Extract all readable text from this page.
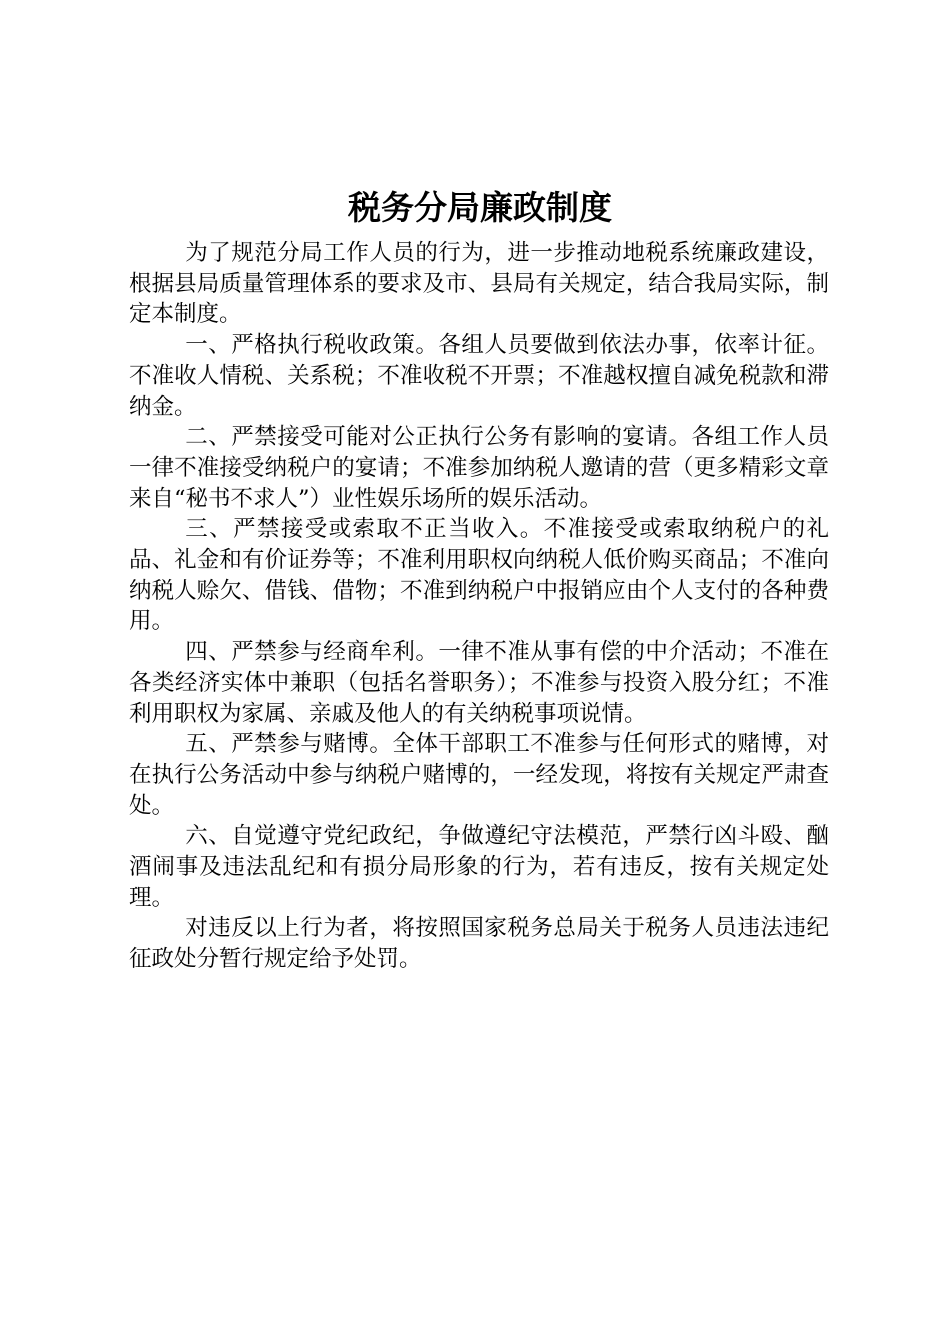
税务分局廉政制度

为了规范分局工作人员的行为，进一步推动地税系统廉政建设，根据县局质量管理体系的要求及市、县局有关规定，结合我局实际，制定本制度。

一、严格执行税收政策。各组人员要做到依法办事，依率计征。不准收人情税、关系税；不准收税不开票；不准越权擅自减免税款和滞纳金。

二、严禁接受可能对公正执行公务有影响的宴请。各组工作人员一律不准接受纳税户的宴请；不准参加纳税人邀请的营（更多精彩文章来自“秘书不求人”）业性娱乐场所的娱乐活动。

三、严禁接受或索取不正当收入。不准接受或索取纳税户的礼品、礼金和有价证券等；不准利用职权向纳税人低价购买商品；不准向纳税人赊欠、借钱、借物；不准到纳税户中报销应由个人支付的各种费用。

四、严禁参与经商牟利。一律不准从事有偿的中介活动；不准在各类经济实体中兼职（包括名誉职务）；不准参与投资入股分红；不准利用职权为家属、亲戚及他人的有关纳税事项说情。

五、严禁参与赌博。全体干部职工不准参与任何形式的赌博，对在执行公务活动中参与纳税户赌博的，一经发现，将按有关规定严肃查处。

六、自觉遵守党纪政纪，争做遵纪守法模范，严禁行凶斗殴、酗酒闹事及违法乱纪和有损分局形象的行为，若有违反，按有关规定处理。

对违反以上行为者，将按照国家税务总局关于税务人员违法违纪征政处分暂行规定给予处罚。
